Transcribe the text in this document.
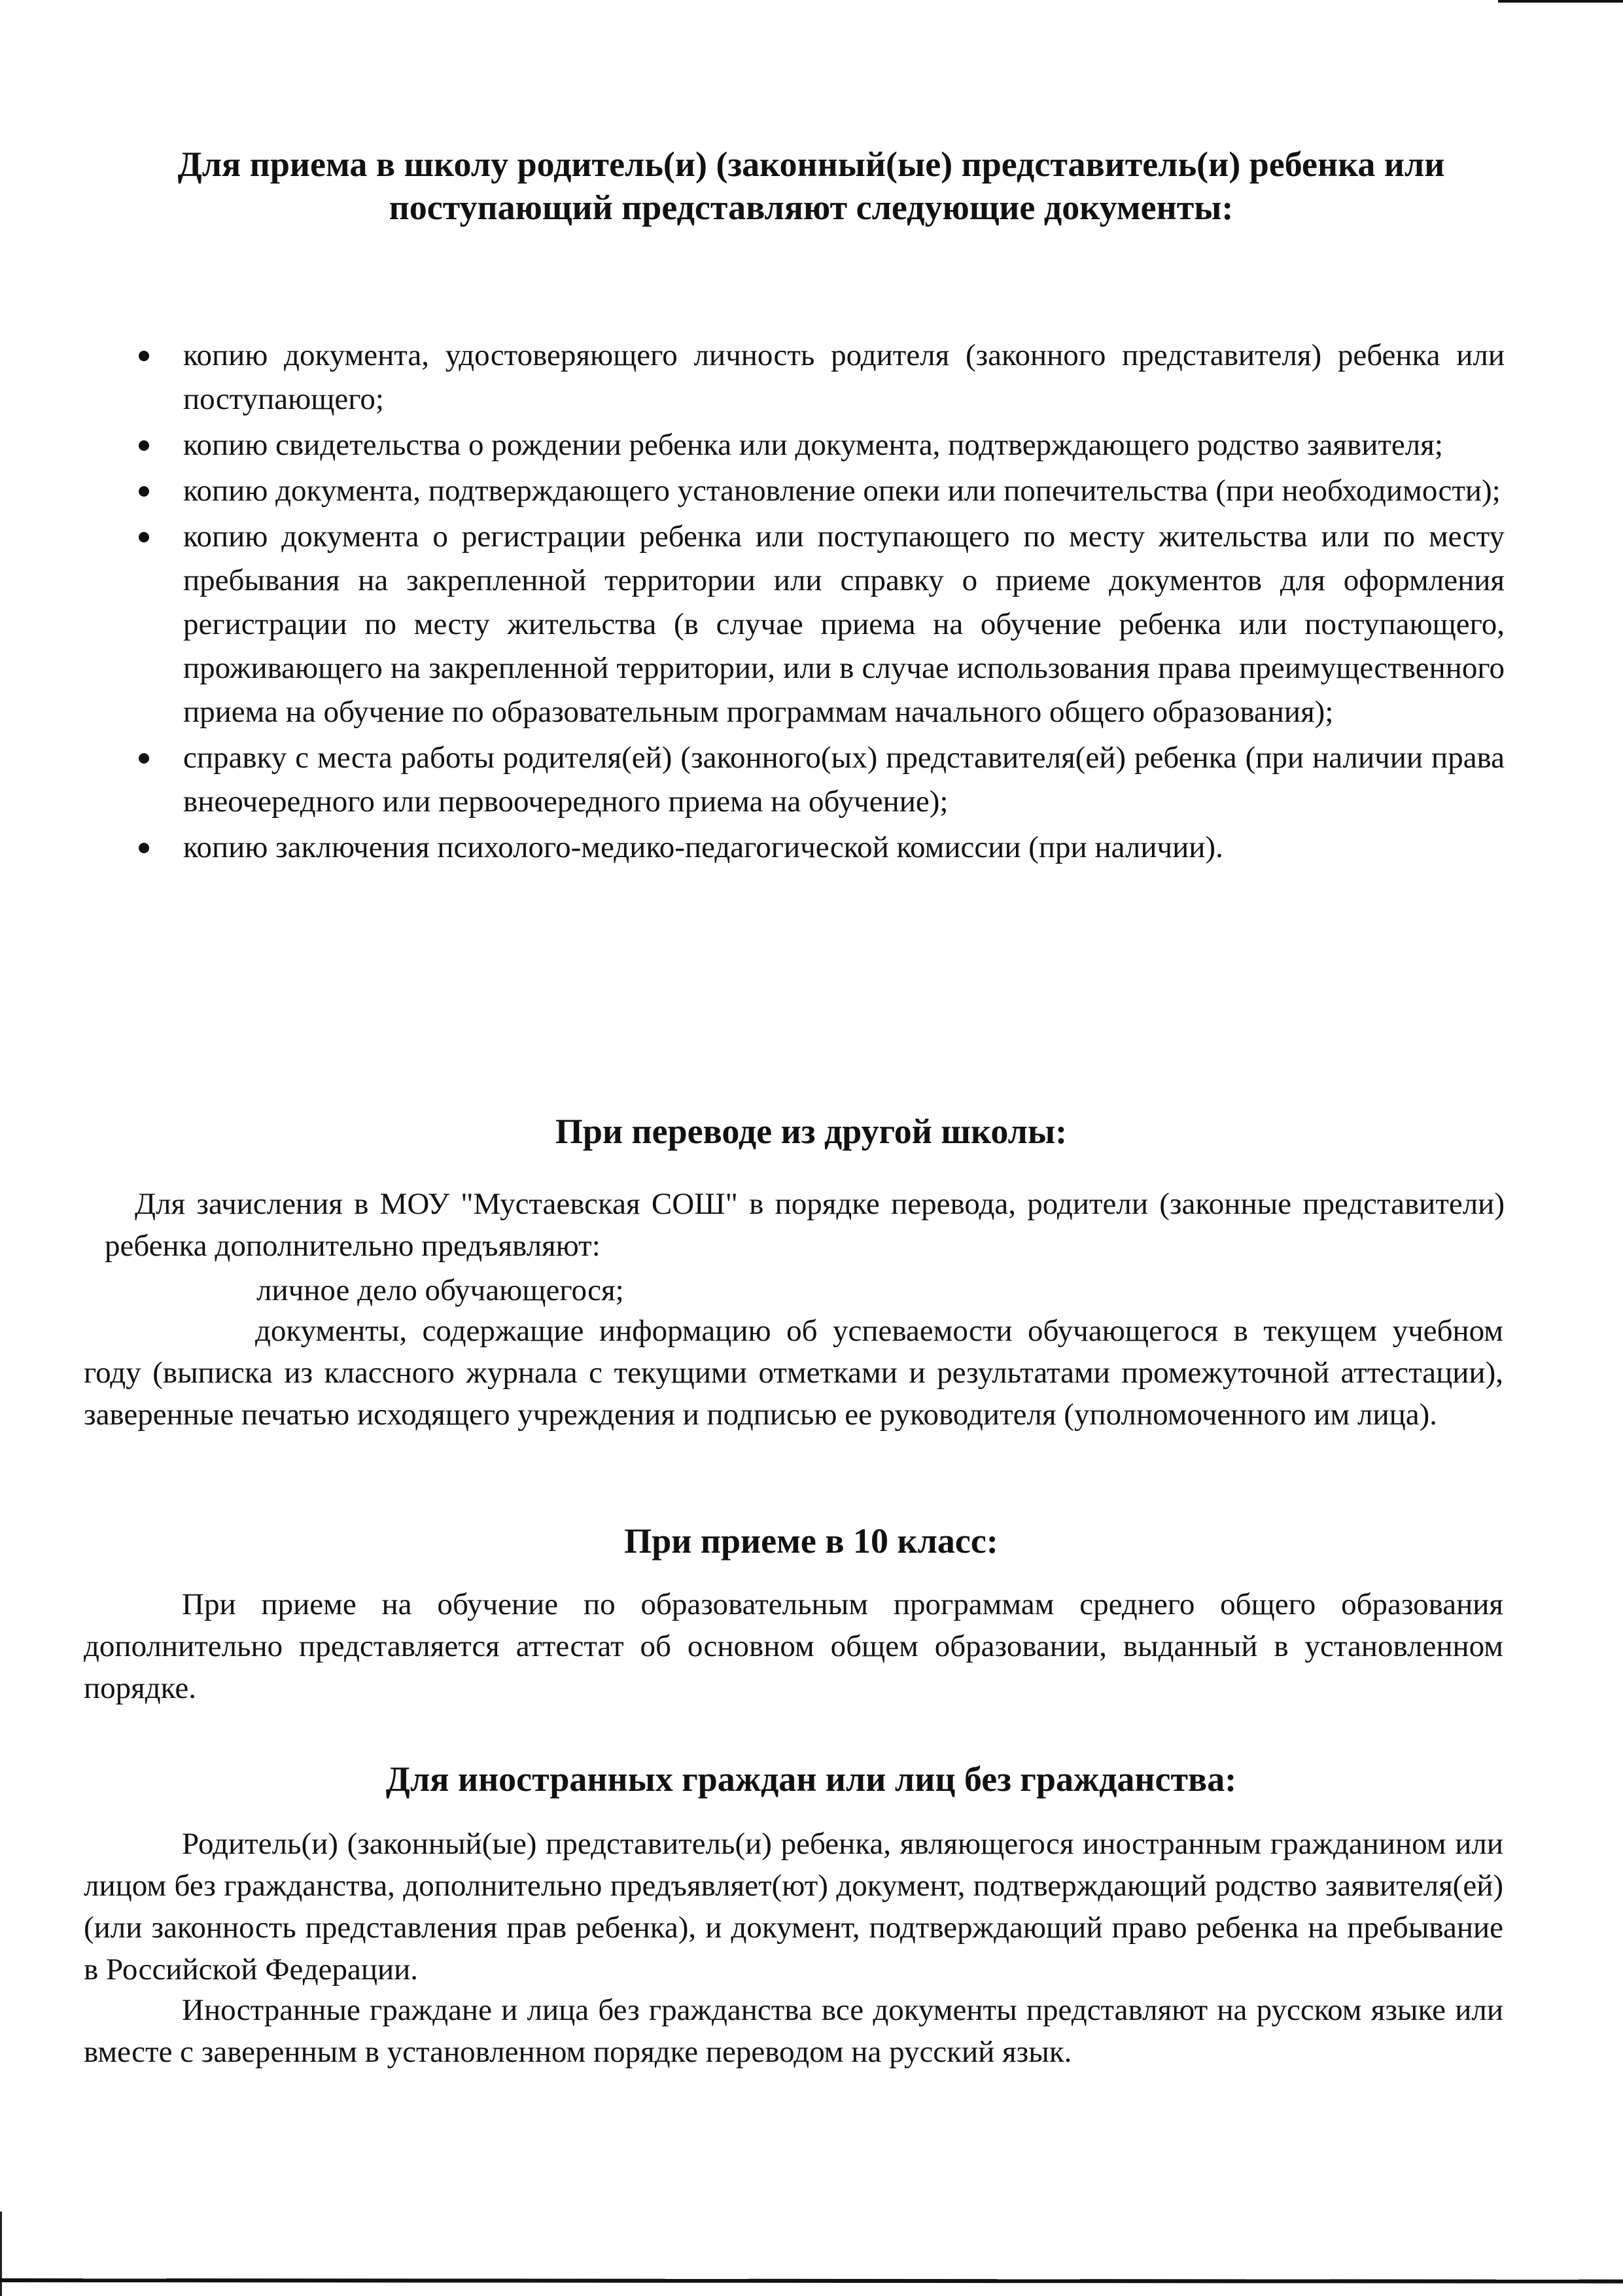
Для приема в школу родитель(и) (законный(ые) представитель(и) ребенка или поступающий представляют следующие документы:
копию документа, удостоверяющего личность родителя (законного представителя) ребенка или поступающего;
копию свидетельства о рождении ребенка или документа, подтверждающего родство заявителя;
копию документа, подтверждающего установление опеки или попечительства (при необходимости);
копию документа о регистрации ребенка или поступающего по месту жительства или по месту пребывания на закрепленной территории или справку о приеме документов для оформления регистрации по месту жительства (в случае приема на обучение ребенка или поступающего, проживающего на закрепленной территории, или в случае использования права преимущественного приема на обучение по образовательным программам начального общего образования);
справку с места работы родителя(ей) (законного(ых) представителя(ей) ребенка (при наличии права внеочередного или первоочередного приема на обучение);
копию заключения психолого-медико-педагогической комиссии (при наличии).
При переводе из другой школы:

Для зачисления в МОУ "Мустаевская СОШ" в порядке перевода, родители (законные представители) ребенка дополнительно предъявляют:

личное дело обучающегося;

документы, содержащие информацию об успеваемости обучающегося в текущем учебном году (выписка из классного журнала с текущими отметками и результатами промежуточной аттестации), заверенные печатью исходящего учреждения и подписью ее руководителя (уполномоченного им лица).

При приеме в 10 класс:

При приеме на обучение по образовательным программам среднего общего образования дополнительно представляется аттестат об основном общем образовании, выданный в установленном порядке.

Для иностранных граждан или лиц без гражданства:

Родитель(и) (законный(ые) представитель(и) ребенка, являющегося иностранным гражданином или лицом без гражданства, дополнительно предъявляет(ют) документ, подтверждающий родство заявителя(ей) (или законность представления прав ребенка), и документ, подтверждающий право ребенка на пребывание в Российской Федерации.

Иностранные граждане и лица без гражданства все документы представляют на русском языке или вместе с заверенным в установленном порядке переводом на русский язык.
